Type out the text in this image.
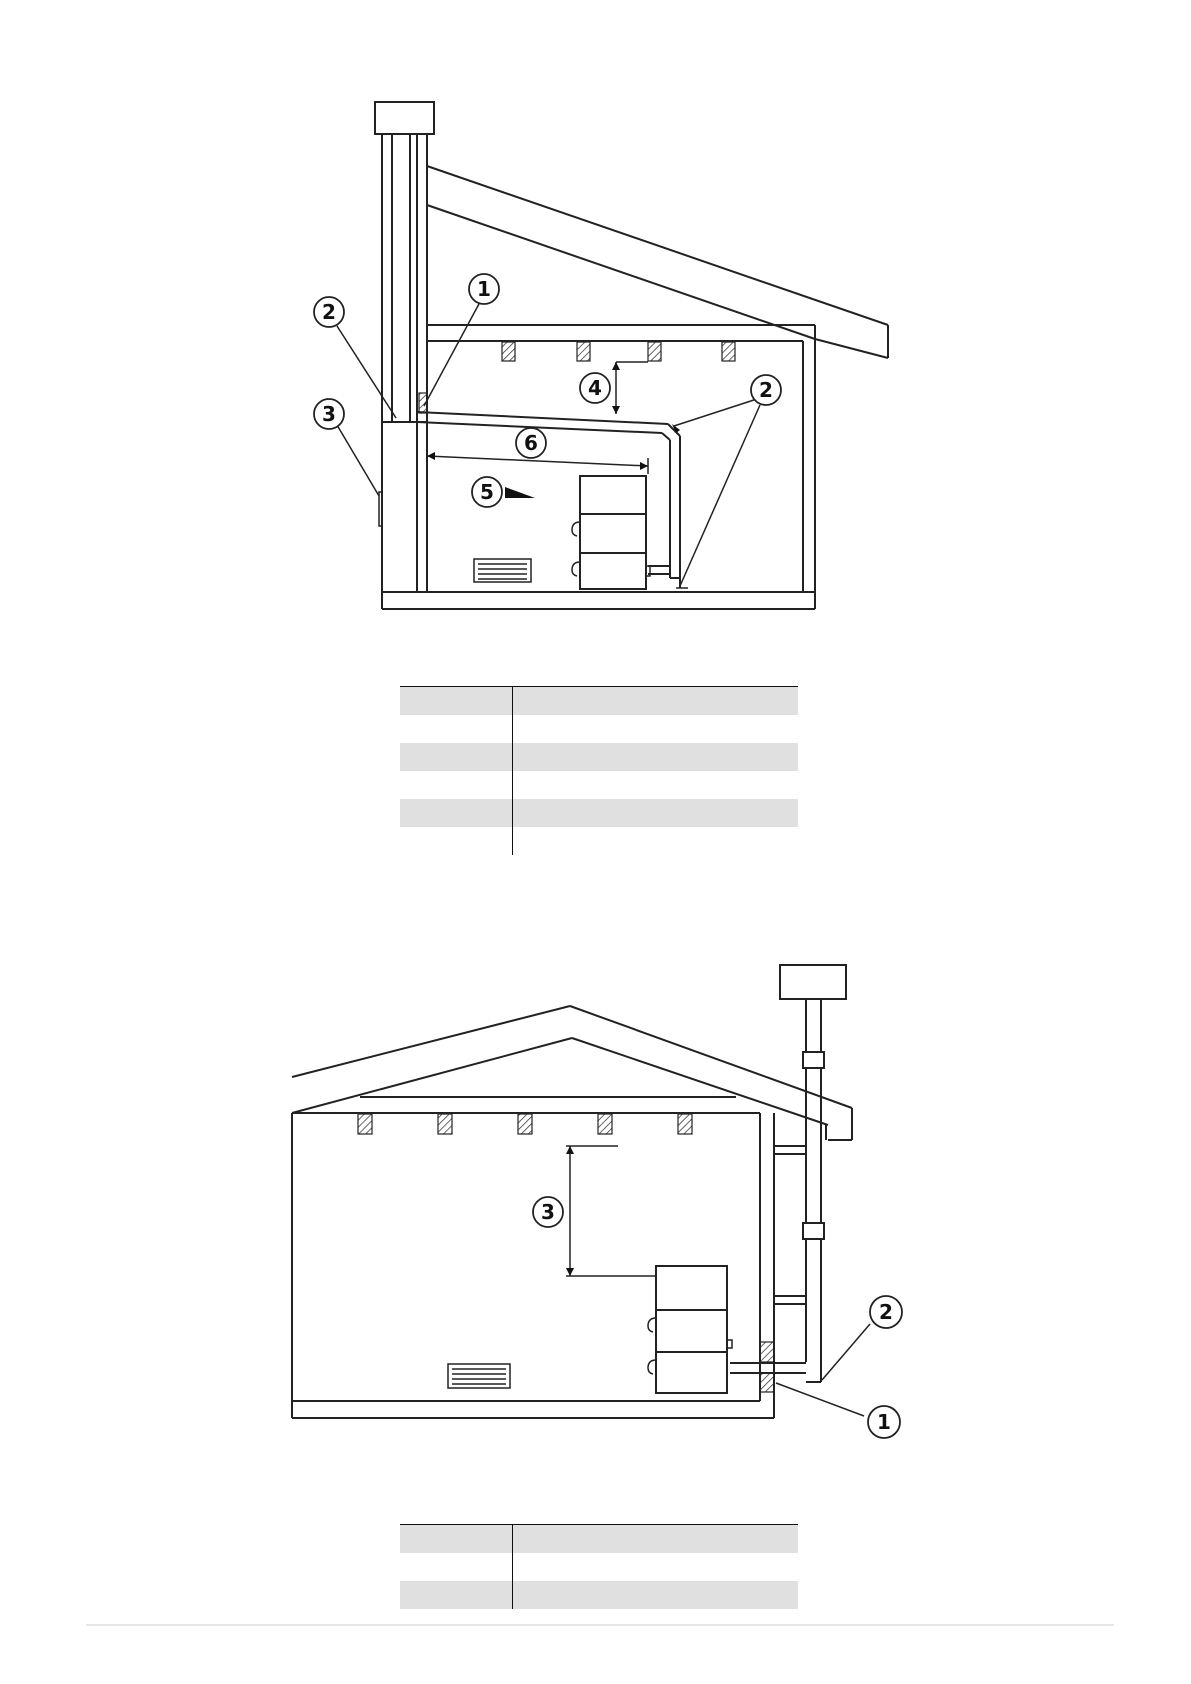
1
2
3
4
5
6
2

3
2
1
